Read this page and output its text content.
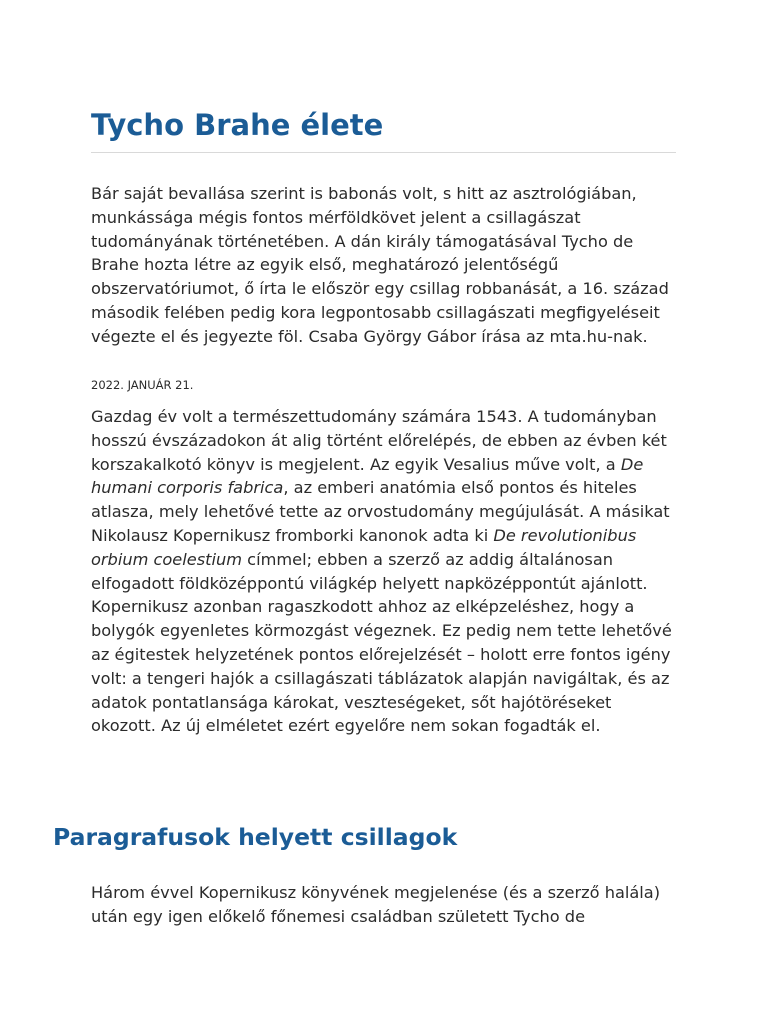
Tycho Brahe élete

Bár saját bevallása szerint is babonás volt, s hitt az asztrológiában, munkássága mégis fontos mérföldkövet jelent a csillagászat tudományának történetében. A dán király támogatásával Tycho de Brahe hozta létre az egyik első, meghatározó jelentőségű obszervatóriumot, ő írta le először egy csillag robbanását, a 16. század második felében pedig kora legpontosabb csillagászati megfigyeléseit végezte el és jegyezte föl. Csaba György Gábor írása az mta.hu-nak.

2022. JANUÁR 21.

Gazdag év volt a természettudomány számára 1543. A tudományban hosszú évszázadokon át alig történt előrelépés, de ebben az évben két korszakalkotó könyv is megjelent. Az egyik Vesalius műve volt, a De humani corporis fabrica, az emberi anatómia első pontos és hiteles atlasza, mely lehetővé tette az orvostudomány megújulását. A másikat Nikolausz Kopernikusz fromborki kanonok adta ki De revolutionibus orbium coelestium címmel; ebben a szerző az addig általánosan elfogadott földközéppontú világkép helyett napközéppontút ajánlott. Kopernikusz azonban ragaszkodott ahhoz az elképzeléshez, hogy a bolygók egyenletes körmozgást végeznek. Ez pedig nem tette lehetővé az égitestek helyzetének pontos előrejelzését – holott erre fontos igény volt: a tengeri hajók a csillagászati táblázatok alapján navigáltak, és az adatok pontatlansága károkat, veszteségeket, sőt hajótöréseket okozott. Az új elméletet ezért egyelőre nem sokan fogadták el.

Paragrafusok helyett csillagok

Három évvel Kopernikusz könyvének megjelenése (és a szerző halála) után egy igen előkelő főnemesi családban született Tycho de
